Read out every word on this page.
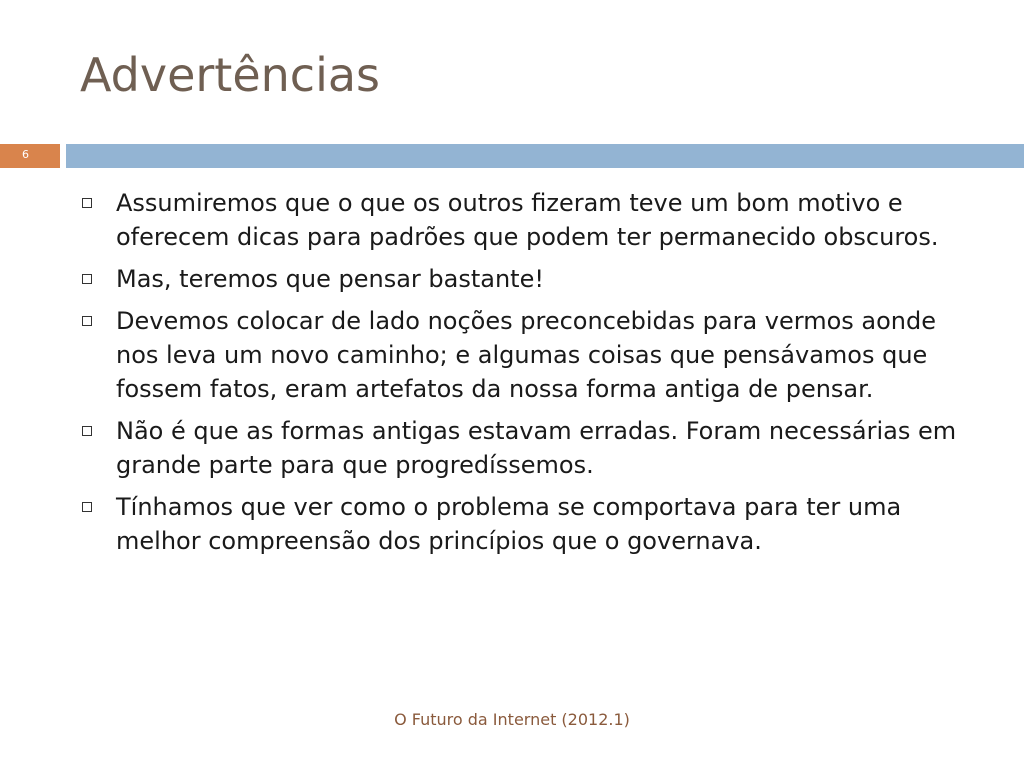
Advertências
6
Assumiremos que o que os outros fizeram teve um bom motivo e oferecem dicas para padrões que podem ter permanecido obscuros.
Mas, teremos que pensar bastante!
Devemos colocar de lado noções preconcebidas para vermos aonde nos leva um novo caminho; e algumas coisas que pensávamos que fossem fatos, eram artefatos da nossa forma antiga de pensar.
Não é que as formas antigas estavam erradas. Foram necessárias em grande parte para que progredíssemos.
Tínhamos que ver como o problema se comportava para ter uma melhor compreensão dos princípios que o governava.
O Futuro da Internet (2012.1)
